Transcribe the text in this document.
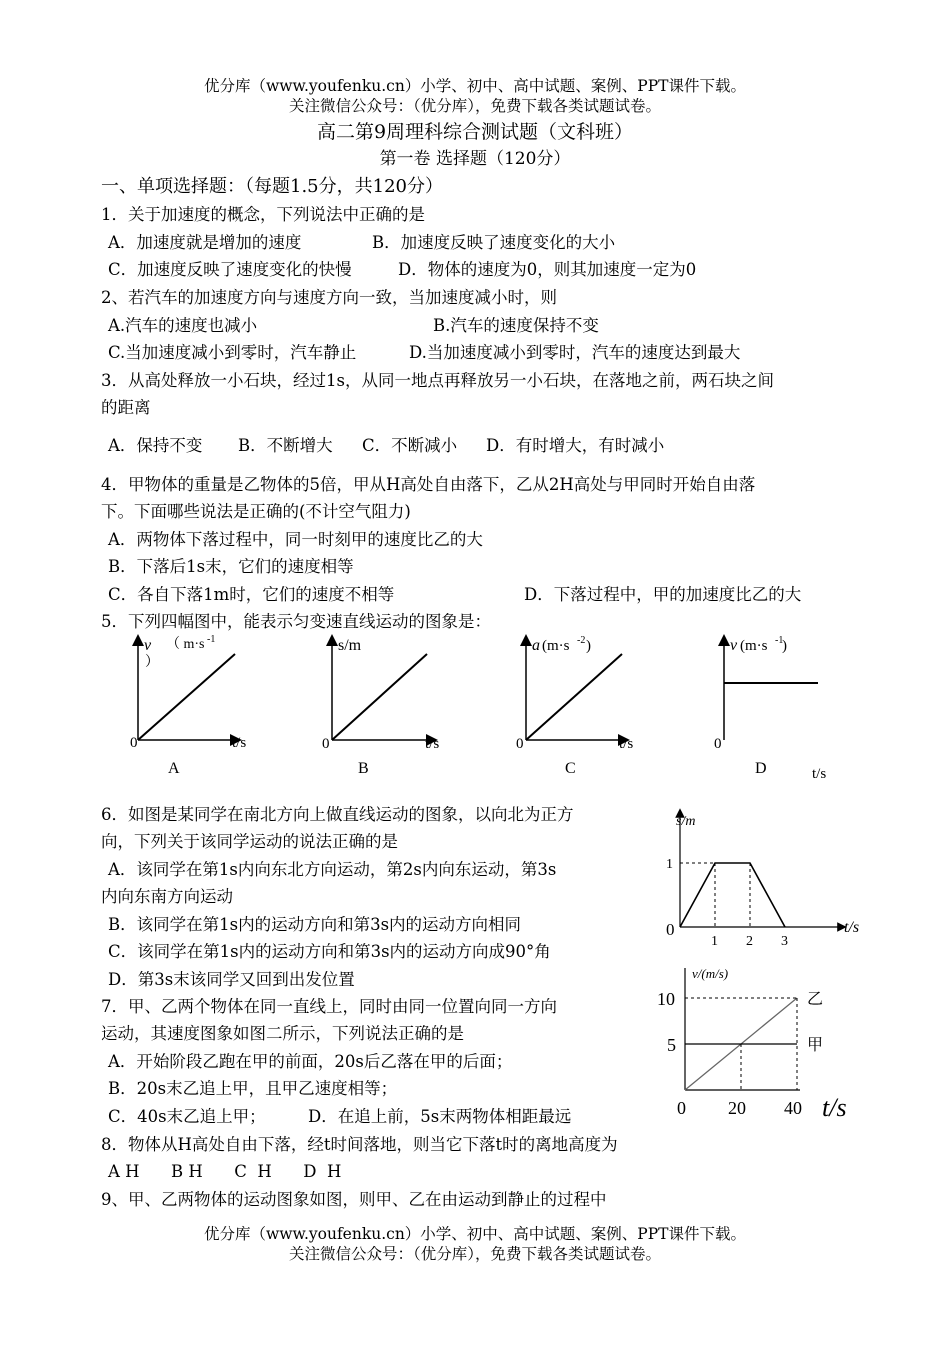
优分库（www.youfenku.cn）小学、初中、高中试题、案例、PPT课件下载。
关注微信公众号：（优分库），免费下载各类试题试卷。
高二第9周理科综合测试题（文科班）
第一卷 选择题（120分）
一、单项选择题：（每题1.5分，共120分）
1．关于加速度的概念，下列说法中正确的是
A．加速度就是增加的速度	B．加速度反映了速度变化的大小
C．加速度反映了速度变化的快慢	D．物体的速度为0，则其加速度一定为0
2、若汽车的加速度方向与速度方向一致，当加速度减小时，则
A.汽车的速度也减小	B.汽车的速度保持不变
C.当加速度减小到零时，汽车静止	D.当加速度减小到零时，汽车的速度达到最大
3．从高处释放一小石块，经过1s，从同一地点再释放另一小石块，在落地之前，两石块之间
的距离
A．保持不变 B．不断增大 C．不断减小 D．有时增大，有时减小
4．甲物体的重量是乙物体的5倍，甲从H高处自由落下，乙从2H高处与甲同时开始自由落
下。下面哪些说法是正确的(不计空气阻力)
A．两物体下落过程中，同一时刻甲的速度比乙的大
B．下落后1s末，它们的速度相等
C．各自下落1m时，它们的速度不相等	D．下落过程中，甲的加速度比乙的大
5．下列四幅图中，能表示匀变速直线运动的图象是：
v （ m·s -1
）
0	t/s
A
s/m
0	t/s
B
a (m·s -2 )
0	t/s
C
v (m·s -1
)
0
t/s
D
6．如图是某同学在南北方向上做直线运动的图象，以向北为正方
向，下列关于该同学运动的说法正确的是
A．该同学在第1s内向东北方向运动，第2s内向东运动，第3s
内向东南方向运动
B．该同学在第1s内的运动方向和第3s内的运动方向相同
C．该同学在第1s内的运动方向和第3s内的运动方向成90°角
D．第3s末该同学又回到出发位置
0
1 2 3
1
s/m
t/s
7．甲、乙两个物体在同一直线上，同时由同一位置向同一方向
运动，其速度图象如图二所示，下列说法正确的是
A．开始阶段乙跑在甲的前面，20s后乙落在甲的后面；
B．20s末乙追上甲，且甲乙速度相等；
C．40s末乙追上甲；	D．在追上前，5s末两物体相距最远
乙
甲
0 20 40
5
10
v/(m/s)
t/s
8．物体从H高处自由下落，经t时间落地，则当它下落t时的离地高度为
A H      B H      C  H      D  H
9、甲、乙两物体的运动图象如图，则甲、乙在由运动到静止的过程中
优分库（www.youfenku.cn）小学、初中、高中试题、案例、PPT课件下载。
关注微信公众号：（优分库），免费下载各类试题试卷。
